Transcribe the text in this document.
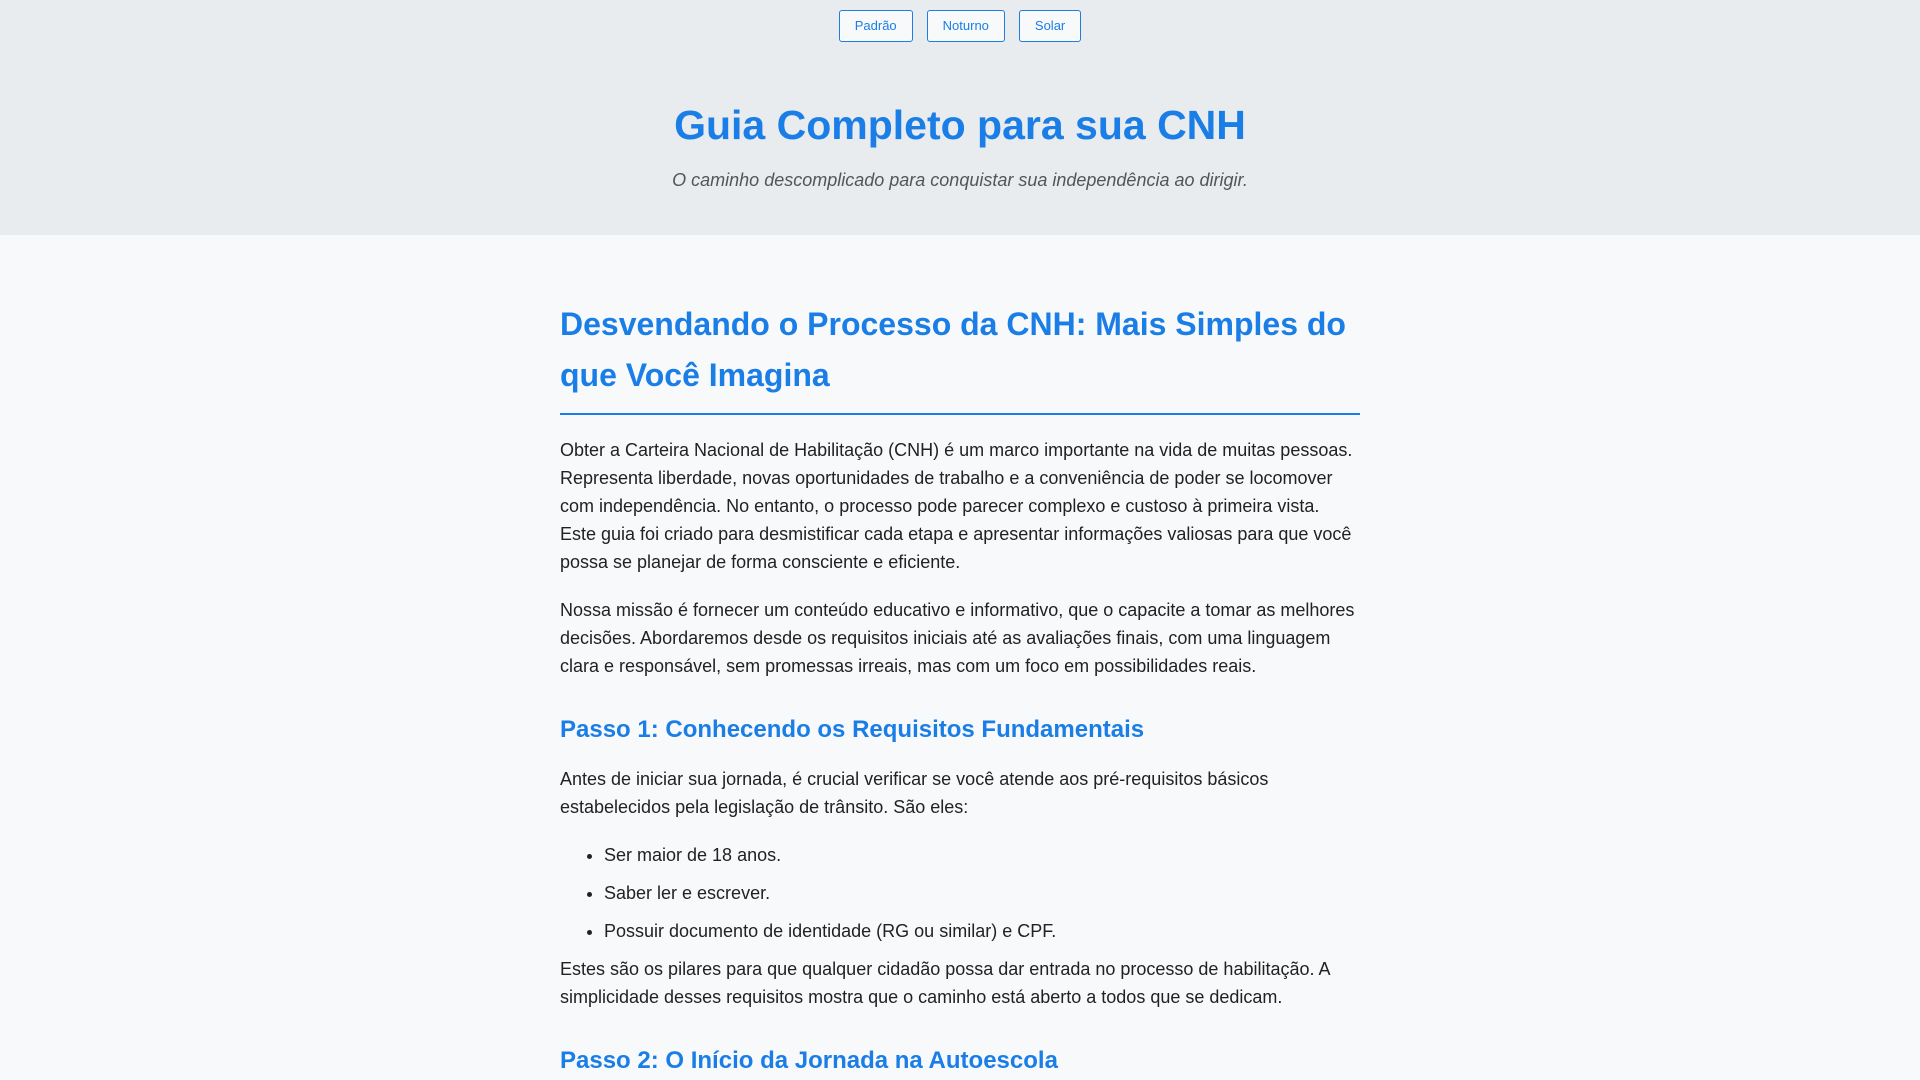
Padrão	Noturno	Solar
Guia Completo para sua CNH

O caminho descomplicado para conquistar sua independência ao dirigir.

Desvendando o Processo da CNH: Mais Simples do que Você Imagina

Obter a Carteira Nacional de Habilitação (CNH) é um marco importante na vida de muitas pessoas. Representa liberdade, novas oportunidades de trabalho e a conveniência de poder se locomover com independência. No entanto, o processo pode parecer complexo e custoso à primeira vista. Este guia foi criado para desmistificar cada etapa e apresentar informações valiosas para que você possa se planejar de forma consciente e eficiente.

Nossa missão é fornecer um conteúdo educativo e informativo, que o capacite a tomar as melhores decisões. Abordaremos desde os requisitos iniciais até as avaliações finais, com uma linguagem clara e responsável, sem promessas irreais, mas com um foco em possibilidades reais.

Passo 1: Conhecendo os Requisitos Fundamentais

Antes de iniciar sua jornada, é crucial verificar se você atende aos pré-requisitos básicos estabelecidos pela legislação de trânsito. São eles:

• Ser maior de 18 anos.
• Saber ler e escrever.
• Possuir documento de identidade (RG ou similar) e CPF.

Estes são os pilares para que qualquer cidadão possa dar entrada no processo de habilitação. A simplicidade desses requisitos mostra que o caminho está aberto a todos que se dedicam.

Passo 2: O Início da Jornada na Autoescola
